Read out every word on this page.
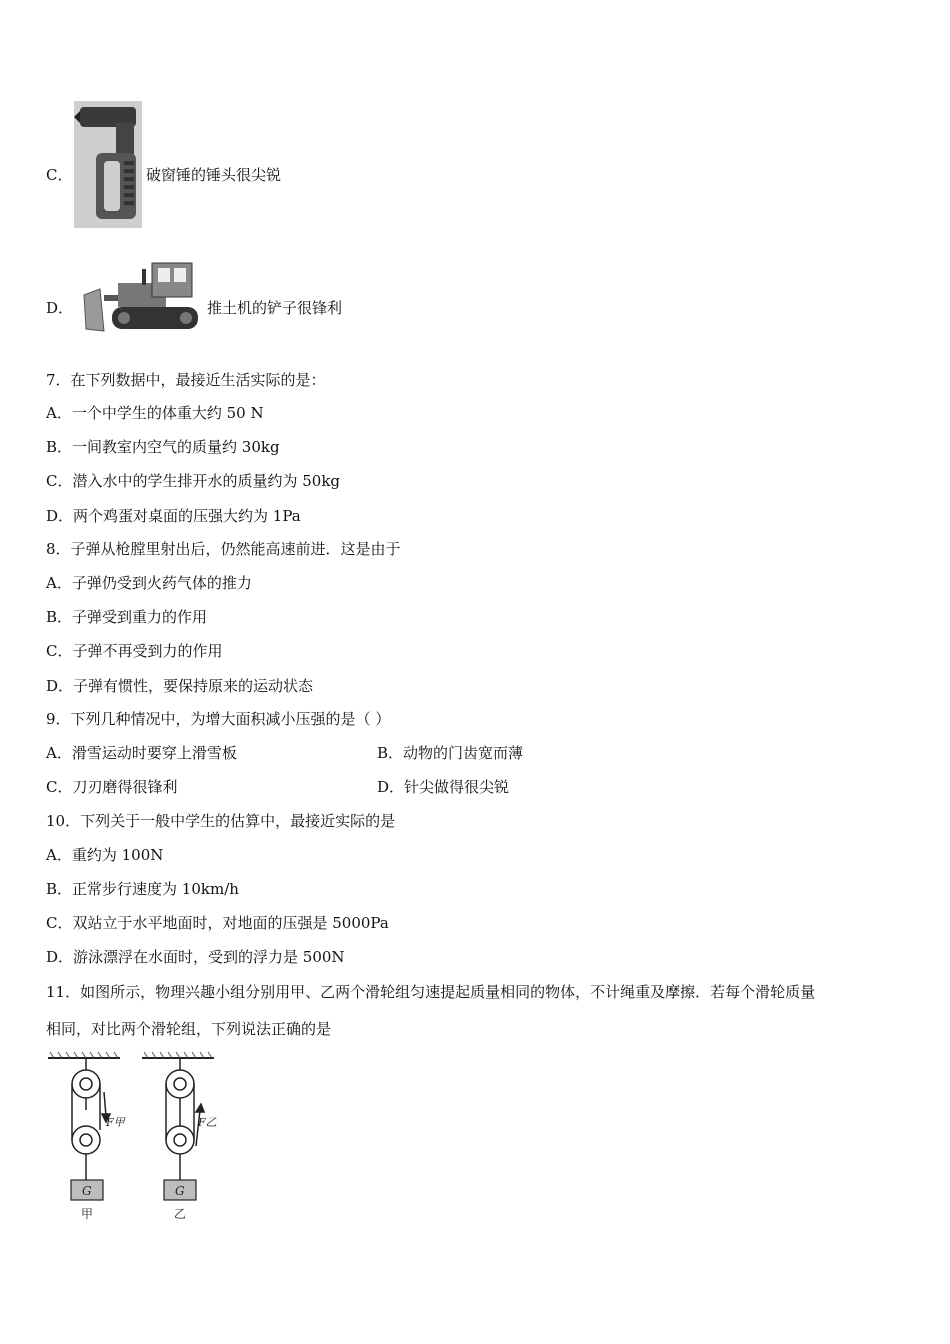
C．	破窗锤的锤头很尖锐
D．	推土机的铲子很锋利
7．在下列数据中，最接近生活实际的是：
A．一个中学生的体重大约 50 N
B．一间教室内空气的质量约 30kg
C．潜入水中的学生排开水的质量约为 50kg
D．两个鸡蛋对桌面的压强大约为 1Pa
8．子弹从枪膛里射出后，仍然能高速前进．这是由于
A．子弹仍受到火药气体的推力
B．子弹受到重力的作用
C．子弹不再受到力的作用
D．子弹有惯性，要保持原来的运动状态
9．下列几种情况中，为增大面积减小压强的是（ ）
A．滑雪运动时要穿上滑雪板	B．动物的门齿宽而薄
C．刀刃磨得很锋利	D．针尖做得很尖锐
10．下列关于一般中学生的估算中，最接近实际的是
A．重约为 100N
B．正常步行速度为 10km/h
C．双站立于水平地面时，对地面的压强是 5000Pa
D．游泳漂浮在水面时，受到的浮力是 500N
11．如图所示，物理兴趣小组分别用甲、乙两个滑轮组匀速提起质量相同的物体，不计绳重及摩擦．若每个滑轮质量
相同，对比两个滑轮组，下列说法正确的是
F甲	F乙
G	G
甲	乙
